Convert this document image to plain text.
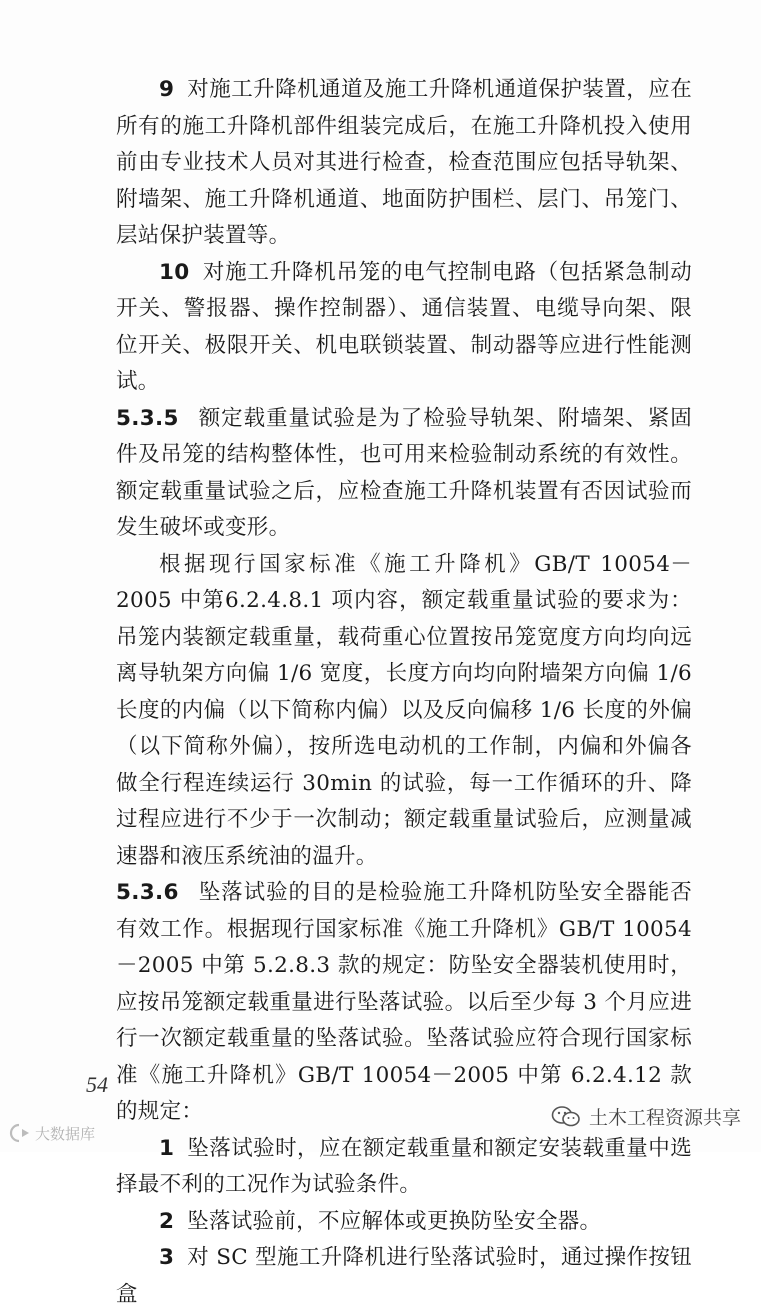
9 对施工升降机通道及施工升降机通道保护装置，应在所有的施工升降机部件组装完成后，在施工升降机投入使用前由专业技术人员对其进行检查，检查范围应包括导轨架、附墙架、施工升降机通道、地面防护围栏、层门、吊笼门、层站保护装置等。

10 对施工升降机吊笼的电气控制电路（包括紧急制动开关、警报器、操作控制器）、通信装置、电缆导向架、限位开关、极限开关、机电联锁装置、制动器等应进行性能测试。

5.3.5 额定载重量试验是为了检验导轨架、附墙架、紧固件及吊笼的结构整体性，也可用来检验制动系统的有效性。额定载重量试验之后，应检查施工升降机装置有否因试验而发生破坏或变形。

根据现行国家标准《施工升降机》GB/T 10054－2005 中第6.2.4.8.1 项内容，额定载重量试验的要求为：吊笼内装额定载重量，载荷重心位置按吊笼宽度方向均向远离导轨架方向偏 1/6 宽度，长度方向均向附墙架方向偏 1/6 长度的内偏（以下简称内偏）以及反向偏移 1/6 长度的外偏（以下简称外偏），按所选电动机的工作制，内偏和外偏各做全行程连续运行 30min 的试验，每一工作循环的升、降过程应进行不少于一次制动；额定载重量试验后，应测量减速器和液压系统油的温升。

5.3.6 坠落试验的目的是检验施工升降机防坠安全器能否有效工作。根据现行国家标准《施工升降机》GB/T 10054－2005 中第 5.2.8.3 款的规定：防坠安全器装机使用时，应按吊笼额定载重量进行坠落试验。以后至少每 3 个月应进行一次额定载重量的坠落试验。坠落试验应符合现行国家标准《施工升降机》GB/T 10054－2005 中第 6.2.4.12 款的规定：

1 坠落试验时，应在额定载重量和额定安装载重量中选择最不利的工况作为试验条件。

2 坠落试验前，不应解体或更换防坠安全器。

3 对 SC 型施工升降机进行坠落试验时，通过操作按钮盒

54
土木工程资源共享
大数据库
